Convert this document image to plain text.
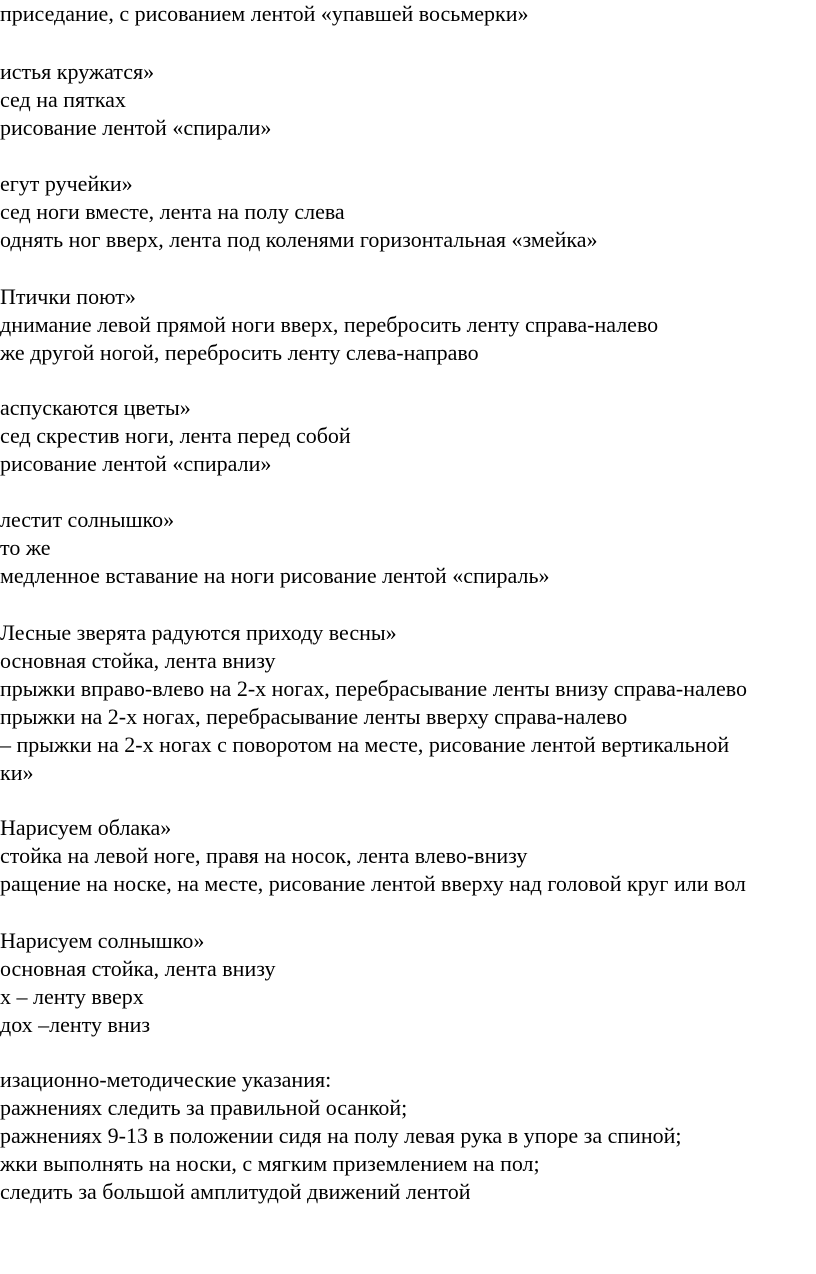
приседание, с рисованием лентой «упавшей восьмерки»
истья кружатся»
сед на пятках
рисование лентой «спирали»
егут ручейки»
сед ноги вместе, лента на полу слева
однять ног вверх, лента под коленями горизонтальная «змейка»
Птички поют»
днимание левой прямой ноги вверх, перебросить ленту справа-налево
же другой ногой, перебросить ленту слева-направо
аспускаются цветы»
сед скрестив ноги, лента перед собой
рисование лентой «спирали»
лестит солнышко»
то же
медленное вставание на ноги рисование лентой «спираль»
Лесные зверята радуются приходу весны»
основная стойка, лента внизу
прыжки вправо-влево на 2-х ногах, перебрасывание ленты внизу справа-налево
прыжки на 2-х ногах, перебрасывание ленты вверху справа-налево
– прыжки на 2-х ногах с поворотом на месте, рисование лентой вертикальной
ки»
Нарисуем облака»
стойка на левой ноге, правя на носок, лента влево-внизу
ращение на носке, на месте, рисование лентой вверху над головой круг или вол
Нарисуем солнышко»
основная стойка, лента внизу
х – ленту вверх
дох –ленту вниз
изационно-методические указания:
ражнениях следить за правильной осанкой;
ражнениях 9-13 в положении сидя на полу левая рука в упоре за спиной;
жки выполнять на носки, с мягким приземлением на пол;
следить за большой амплитудой движений лентой
